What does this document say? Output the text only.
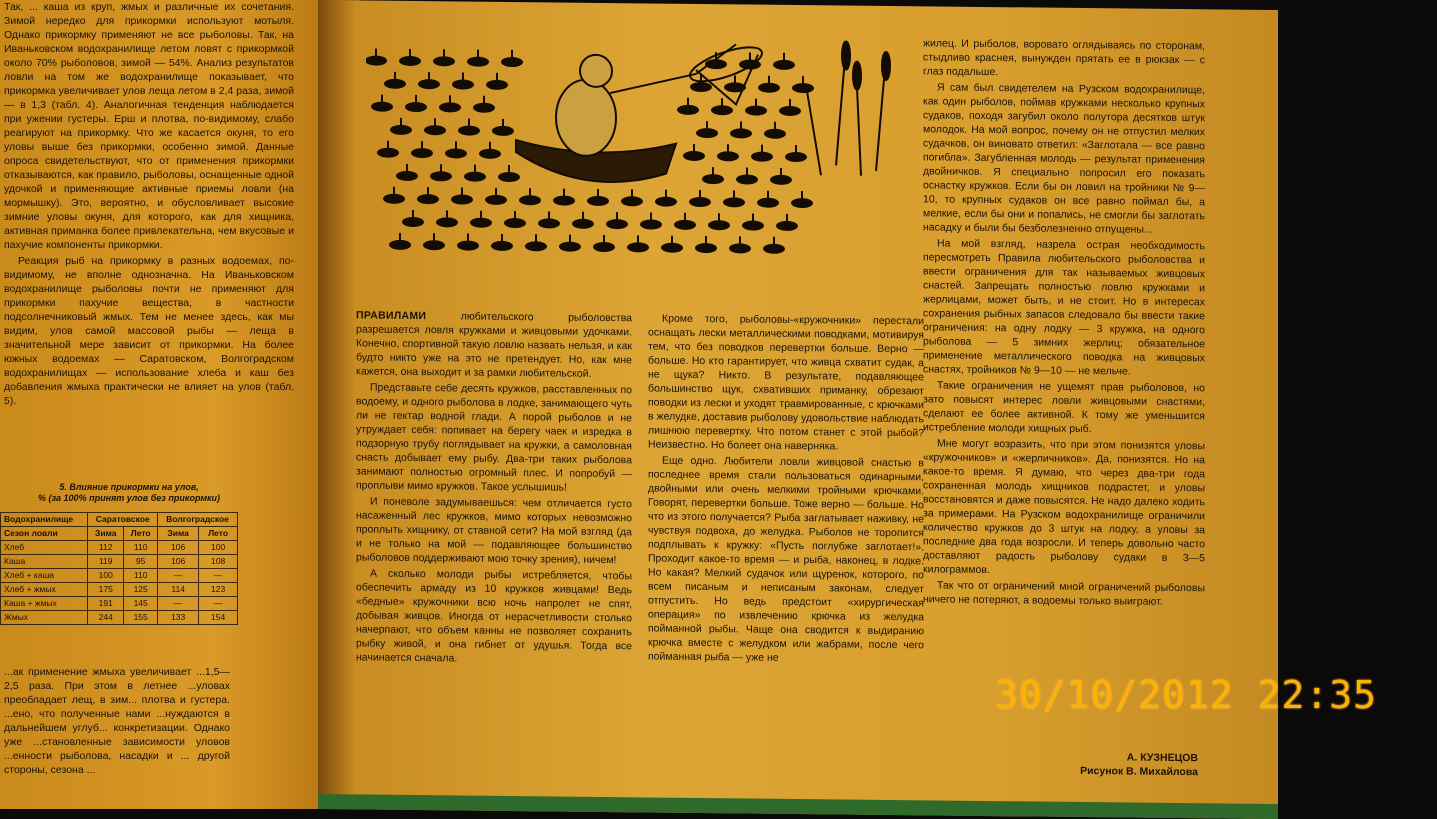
Так, ... каша из круп, жмых и различные их сочетания. Зимой нередко для прикормки используют мотыля. Однако прикормку применяют не все рыболовы. Так, на Иваньковском водохранилище летом ловят с прикормкой около 70% рыболовов, зимой — 54%. Анализ результатов ловли на том же водохранилище показывает, что прикормка увеличивает улов леща летом в 2,4 раза, зимой — в 1,3 (табл. 4). Аналогичная тенденция наблюдается при ужении густеры. Ерш и плотва, по-видимому, слабо реагируют на прикормку. Что же касается окуня, то его уловы выше без прикормки, особенно зимой. Данные опроса свидетельствуют, что от применения прикормки отказываются, как правило, рыболовы, оснащенные одной удочкой и применяющие активные приемы ловли (на мормышку). Это, вероятно, и обусловливает высокие зимние уловы окуня, для которого, как для хищника, активная приманка более привлекательна, чем вкусовые и пахучие компоненты прикормки.

Реакция рыб на прикормку в разных водоемах, по-видимому, не вполне однозначна. На Иваньковском водохранилище рыболовы почти не применяют для прикормки пахучие вещества, в частности подсолнечниковый жмых. Тем не менее здесь, как мы видим, улов самой массовой рыбы — леща в значительной мере зависит от прикормки. На более южных водоемах — Саратовском, Волгоградском водохранилищах — использование хлеба и каш без добавления жмыха практически не влияет на улов (табл. 5).

5. Влияние прикормки на улов,
% (за 100% принят улов без прикормки)
Водохранилище	Саратовское		Волгоградское	
Сезон ловли	Зима	Лето	Зима	Лето
Хлеб	112	110	106	100
Каша	119	95	106	108
Хлеб + каша	100	110	—	—
Хлеб + жмых	175	125	114	123
Каша + жмых	191	145	—	—
Жмых	244	155	133	154

...ак применение жмыха увеличивает ...1,5—2,5 раза. При этом в летнее ...уловах преобладает лещ, в зим... плотва и густера. ...ено, что полученные нами ...нуждаются в дальнейшем углуб... конкретизации. Однако уже ...становленные зависимости уловов ...енности рыболова, насадки и ... другой стороны, сезона ...

ПРАВИЛАМИ	любительского рыболовства разрешается ловля кружками и живцовыми удочками. Конечно, спортивной такую ловлю назвать нельзя, и как будто никто уже на это не претендует. Но, как мне кажется, она выходит и за рамки любительской.

Представьте себе десять кружков, расставленных по водоему, и одного рыболова в лодке, занимающего чуть ли не гектар водной глади. А порой рыболов и не утруждает себя: попивает на берегу чаек и изредка в подзорную трубу поглядывает на кружки, а самоловная снасть добывает ему рыбу. Два-три таких рыболова занимают полностью огромный плес. И попробуй — проплыви мимо кружков. Такое услышишь!

И поневоле задумываешься: чем отличается густо насаженный лес кружков, мимо которых невозможно проплыть хищнику, от ставной сети? На мой взгляд (да и не только на мой — подавляющее большинство рыболовов поддерживают мою точку зрения), ничем!

А сколько молоди рыбы истребляется, чтобы обеспечить армаду из 10 кружков живцами! Ведь «бедные» кружочники всю ночь напролет не спят, добывая живцов. Иногда от нерасчетливости столько начерпают, что объем канны не позволяет сохранить рыбку живой, и она гибнет от удушья. Тогда все начинается сначала.

Кроме того, рыболовы-«кружочники» перестали оснащать лески металлическими поводками, мотивируя тем, что без поводков перевертки больше. Верно — больше. Но кто гарантирует, что живца схватит судак, а не щука? Никто. В результате, подавляющее большинство щук, схвативших приманку, обрезают поводки из лески и уходят травмированные, с крючками в желудке, доставив рыболову удовольствие наблюдать лишнюю перевертку. Что потом станет с этой рыбой? Неизвестно. Но болеет она наверняка.

Еще одно. Любители ловли живцовой снастью в последнее время стали пользоваться одинарными, двойными или очень мелкими тройными крючками. Говорят, перевертки больше. Тоже верно — больше. Но что из этого получается? Рыба заглатывает наживку, не чувствуя подвоха, до желудка. Рыболов не торопится подплывать к кружку: «Пусть поглубже заглотает!». Проходит какое-то время — и рыба, наконец, в лодке. Но какая? Мелкий судачок или щуренок, которого, по всем писаным и неписаным законам, следует отпустить. Но ведь предстоит «хирургическая операция» по извлечению крючка из желудка пойманной рыбы. Чаще она сводится к выдиранию крючка вместе с желудком или жабрами, после чего пойманная рыба — уже не

жилец. И рыболов, воровато оглядываясь по сторонам, стыдливо краснея, вынужден прятать ее в рюкзак — с глаз подальше.

Я сам был свидетелем на Рузском водохранилище, как один рыболов, поймав кружками несколько крупных судаков, походя загубил около полутора десятков штук молодок. На мой вопрос, почему он не отпустил мелких судачков, он виновато ответил: «Заглотала — все равно погибла». Загубленная молодь — результат применения двойничков. Я специально попросил его показать оснастку кружков. Если бы он ловил на тройники № 9—10, то крупных судаков он все равно поймал бы, а мелкие, если бы они и попались, не смогли бы заглотать насадку и были бы безболезненно отпущены...

На мой взгляд, назрела острая необходимость пересмотреть Правила любительского рыболовства и ввести ограничения для так называемых живцовых снастей. Запрещать полностью ловлю кружками и жерлицами, может быть, и не стоит. Но в интересах сохранения рыбных запасов следовало бы ввести такие ограничения: на одну лодку — 3 кружка, на одного рыболова — 5 зимних жерлиц; обязательное применение металлического поводка на живцовых снастях, тройников № 9—10 — не мельче.

Такие ограничения не ущемят прав рыболовов, но зато повысят интерес ловли живцовыми снастями, сделают ее более активной. К тому же уменьшится истребление молоди хищных рыб.

Мне могут возразить, что при этом понизятся уловы «кружочников» и «жерличников». Да, понизятся. Но на какое-то время. Я думаю, что через два-три года сохраненная молодь хищников подрастет, и уловы восстановятся и даже повысятся. Не надо далеко ходить за примерами. На Рузском водохранилище ограничили количество кружков до 3 штук на лодку, а уловы за последние два года возросли. И теперь довольно часто доставляют радость рыболову судаки в 3—5 килограммов.

Так что от ограничений мной ограничений рыболовы ничего не потеряют, а водоемы только выиграют.

А. КУЗНЕЦОВ
Рисунок В. Михайлова
30/10/2012 22:35
